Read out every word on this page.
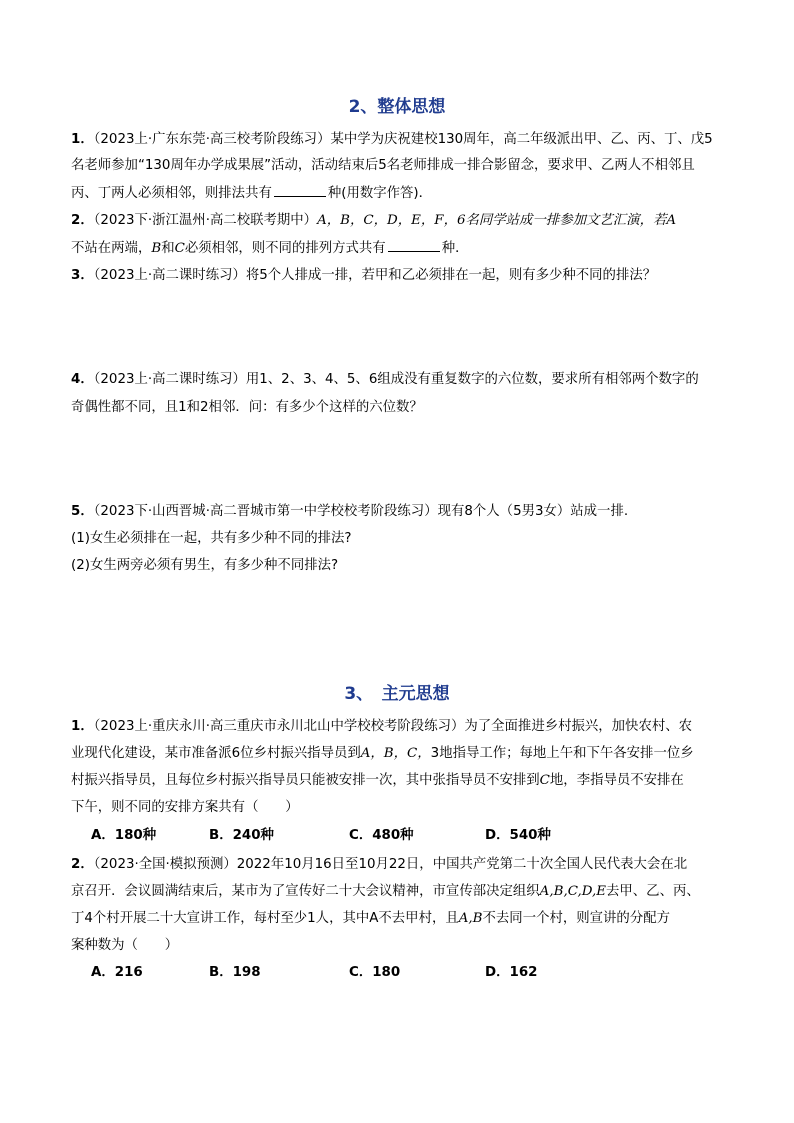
2、整体思想
1．（2023上·广东东莞·高三校考阶段练习）某中学为庆祝建校130周年，高二年级派出甲、乙、丙、丁、戊5
名老师参加“130周年办学成果展”活动，活动结束后5名老师排成一排合影留念，要求甲、乙两人不相邻且
丙、丁两人必须相邻，则排法共有	种(用数字作答)．
2．（2023下·浙江温州·高二校联考期中）A，B，C，D，E，F，6名同学站成一排参加文艺汇演，若A
不站在两端，B和C必须相邻，则不同的排列方式共有	种．
3．（2023上·高二课时练习）将5个人排成一排，若甲和乙必须排在一起，则有多少种不同的排法？
4．（2023上·高二课时练习）用1、2、3、4、5、6组成没有重复数字的六位数，要求所有相邻两个数字的
奇偶性都不同，且1和2相邻．问：有多少个这样的六位数？
5．（2023下·山西晋城·高二晋城市第一中学校校考阶段练习）现有8个人（5男3女）站成一排.
(1)女生必须排在一起，共有多少种不同的排法?
(2)女生两旁必须有男生，有多少种不同排法?
3、　主元思想
1．（2023上·重庆永川·高三重庆市永川北山中学校校考阶段练习）为了全面推进乡村振兴，加快农村、农
业现代化建设，某市准备派6位乡村振兴指导员到A，B，C，3地指导工作；每地上午和下午各安排一位乡
村振兴指导员，且每位乡村振兴指导员只能被安排一次，其中张指导员不安排到C地，李指导员不安排在
下午，则不同的安排方案共有（　　）
A．180种	B．240种	C．480种	D．540种
2．（2023·全国·模拟预测）2022年10月16日至10月22日，中国共产党第二十次全国人民代表大会在北
京召开．会议圆满结束后，某市为了宣传好二十大会议精神，市宣传部决定组织A,B,C,D,E去甲、乙、丙、
丁4个村开展二十大宣讲工作，每村至少1人，其中A不去甲村，且A,B不去同一个村，则宣讲的分配方
案种数为（　　）
A．216	B．198	C．180	D．162
